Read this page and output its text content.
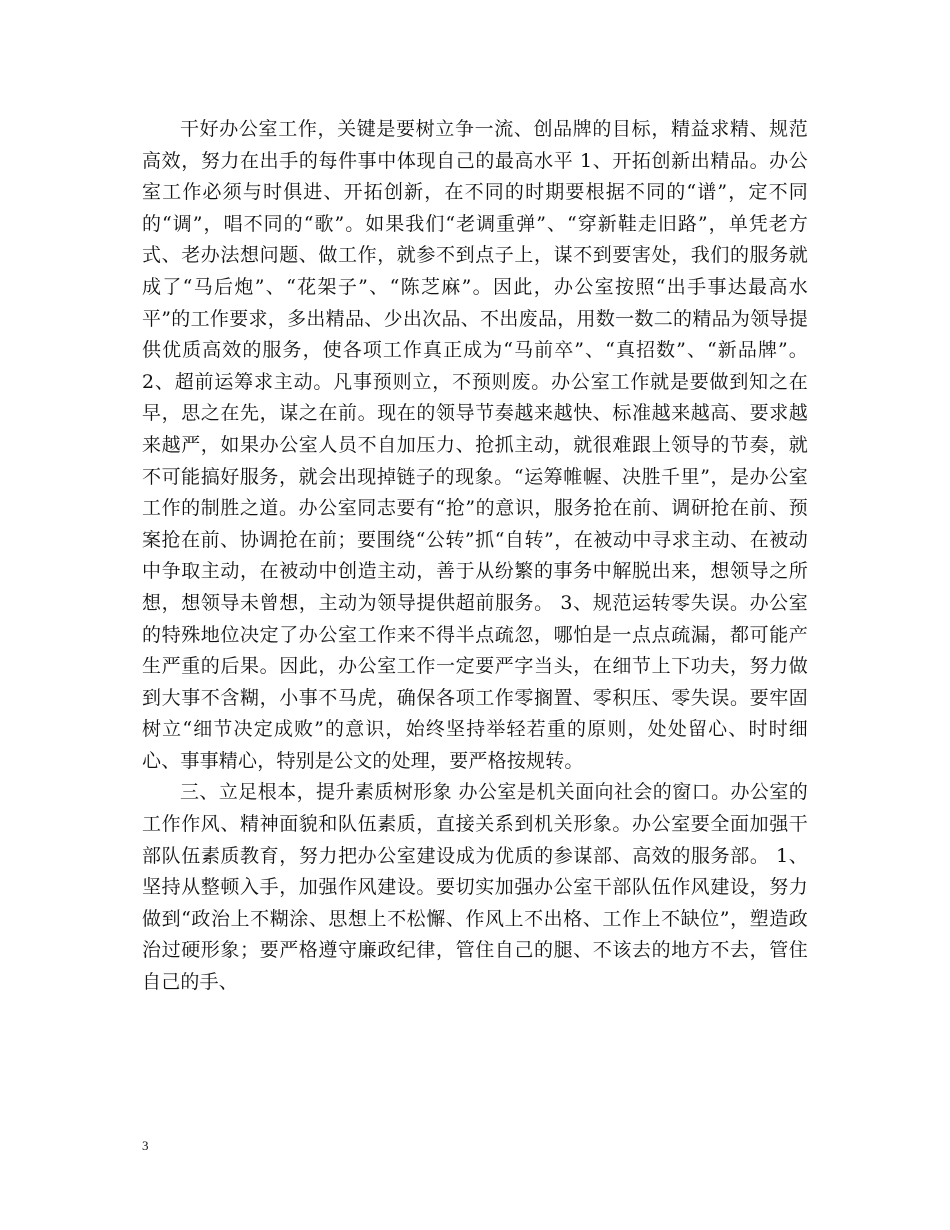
干好办公室工作，关键是要树立争一流、创品牌的目标，精益求精、规范高效，努力在出手的每件事中体现自己的最高水平 1、开拓创新出精品。办公室工作必须与时俱进、开拓创新，在不同的时期要根据不同的“谱”，定不同的“调”，唱不同的“歌”。如果我们“老调重弹”、“穿新鞋走旧路”，单凭老方式、老办法想问题、做工作，就参不到点子上，谋不到要害处，我们的服务就成了“马后炮”、“花架子”、“陈芝麻”。因此，办公室按照“出手事达最高水平”的工作要求，多出精品、少出次品、不出废品，用数一数二的精品为领导提供优质高效的服务，使各项工作真正成为“马前卒”、“真招数”、“新品牌”。 2、超前运筹求主动。凡事预则立，不预则废。办公室工作就是要做到知之在早，思之在先，谋之在前。现在的领导节奏越来越快、标准越来越高、要求越来越严，如果办公室人员不自加压力、抢抓主动，就很难跟上领导的节奏，就不可能搞好服务，就会出现掉链子的现象。“运筹帷幄、决胜千里”，是办公室工作的制胜之道。办公室同志要有“抢”的意识，服务抢在前、调研抢在前、预案抢在前、协调抢在前；要围绕“公转”抓“自转”，在被动中寻求主动、在被动中争取主动，在被动中创造主动，善于从纷繁的事务中解脱出来，想领导之所想，想领导未曾想，主动为领导提供超前服务。 3、规范运转零失误。办公室的特殊地位决定了办公室工作来不得半点疏忽，哪怕是一点点疏漏，都可能产生严重的后果。因此，办公室工作一定要严字当头，在细节上下功夫，努力做到大事不含糊，小事不马虎，确保各项工作零搁置、零积压、零失误。要牢固树立“细节决定成败”的意识，始终坚持举轻若重的原则，处处留心、时时细心、事事精心，特别是公文的处理，要严格按规转。

三、立足根本，提升素质树形象 办公室是机关面向社会的窗口。办公室的工作作风、精神面貌和队伍素质，直接关系到机关形象。办公室要全面加强干部队伍素质教育，努力把办公室建设成为优质的参谋部、高效的服务部。 1、坚持从整顿入手，加强作风建设。要切实加强办公室干部队伍作风建设，努力做到“政治上不糊涂、思想上不松懈、作风上不出格、工作上不缺位”，塑造政治过硬形象；要严格遵守廉政纪律，管住自己的腿、不该去的地方不去，管住自己的手、

3
